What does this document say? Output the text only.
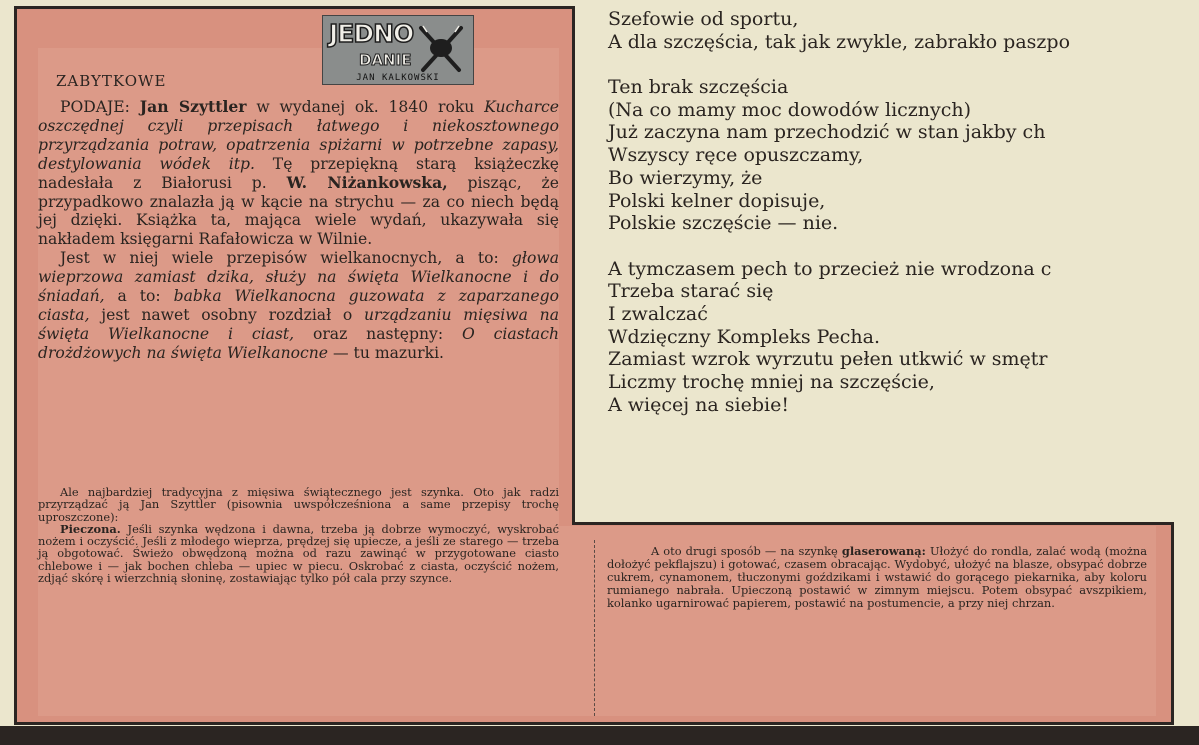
JEDNO
DANIE
JAN KALKOWSKI
ZABYTKOWE

PODAJE: Jan Szyttler w wydanej ok. 1840 roku Kucharce oszczędnej czyli przepisach łatwego i niekosztownego przyrządzania potraw, opatrzenia spiżarni w potrzebne zapasy, destylowania wódek itp. Tę przepiękną starą książeczkę nadesłała z Białorusi p. W. Niżankowska, pisząc, że przypadkowo znalazła ją w kącie na strychu — za co niech będą jej dzięki. Książka ta, mająca wiele wydań, ukazywała się nakładem księgarni Rafałowicza w Wilnie.

Jest w niej wiele przepisów wielkanocnych, a to: głowa wieprzowa zamiast dzika, służy na święta Wielkanocne i do śniadań, a to: babka Wielkanocna guzowata z zaparzanego ciasta, jest nawet osobny rozdział o urządzaniu mięsiwa na święta Wielkanocne i ciast, oraz następny: O ciastach drożdżowych na święta Wielkanocne — tu mazurki.

Ale najbardziej tradycyjna z mięsiwa świątecznego jest szynka. Oto jak radzi przyrządzać ją Jan Szyttler (pisownia uwspółcześniona a same przepisy trochę uproszczone):

Pieczona. Jeśli szynka wędzona i dawna, trzeba ją dobrze wymoczyć, wyskrobać nożem i oczyścić. Jeśli z młodego wieprza, prędzej się upiecze, a jeśli ze starego — trzeba ją obgotować. Świeżo obwędzoną można od razu zawinąć w przygotowane ciasto chlebowe i — jak bochen chleba — upiec w piecu. Oskrobać z ciasta, oczyścić nożem, zdjąć skórę i wierzchnią słoninę, zostawiając tylko pół cala przy szynce.

A oto drugi sposób — na szynkę glaserowaną: Ułożyć do rondla, zalać wodą (można dołożyć pekflajszu) i gotować, czasem obracając. Wydobyć, ułożyć na blasze, obsypać dobrze cukrem, cynamonem, tłuczonymi goździkami i wstawić do gorącego piekarnika, aby koloru rumianego nabrała. Upieczoną postawić w zimnym miejscu. Potem obsypać avszpikiem, kolanko ugarnirować papierem, postawić na postumencie, a przy niej chrzan.

Szefowie od sportu,
A dla szczęścia, tak jak zwykle, zabrakło paszpo
Ten brak szczęścia
(Na co mamy moc dowodów licznych)
Już zaczyna nam przechodzić w stan jakby ch
Wszyscy ręce opuszczamy,
Bo wierzymy, że
Polski kelner dopisuje,
Polskie szczęście — nie.
A tymczasem pech to przecież nie wrodzona c
Trzeba starać się
I zwalczać
Wdzięczny Kompleks Pecha.
Zamiast wzrok wyrzutu pełen utkwić w smętr
Liczmy trochę mniej na szczęście,
A więcej na siebie!
